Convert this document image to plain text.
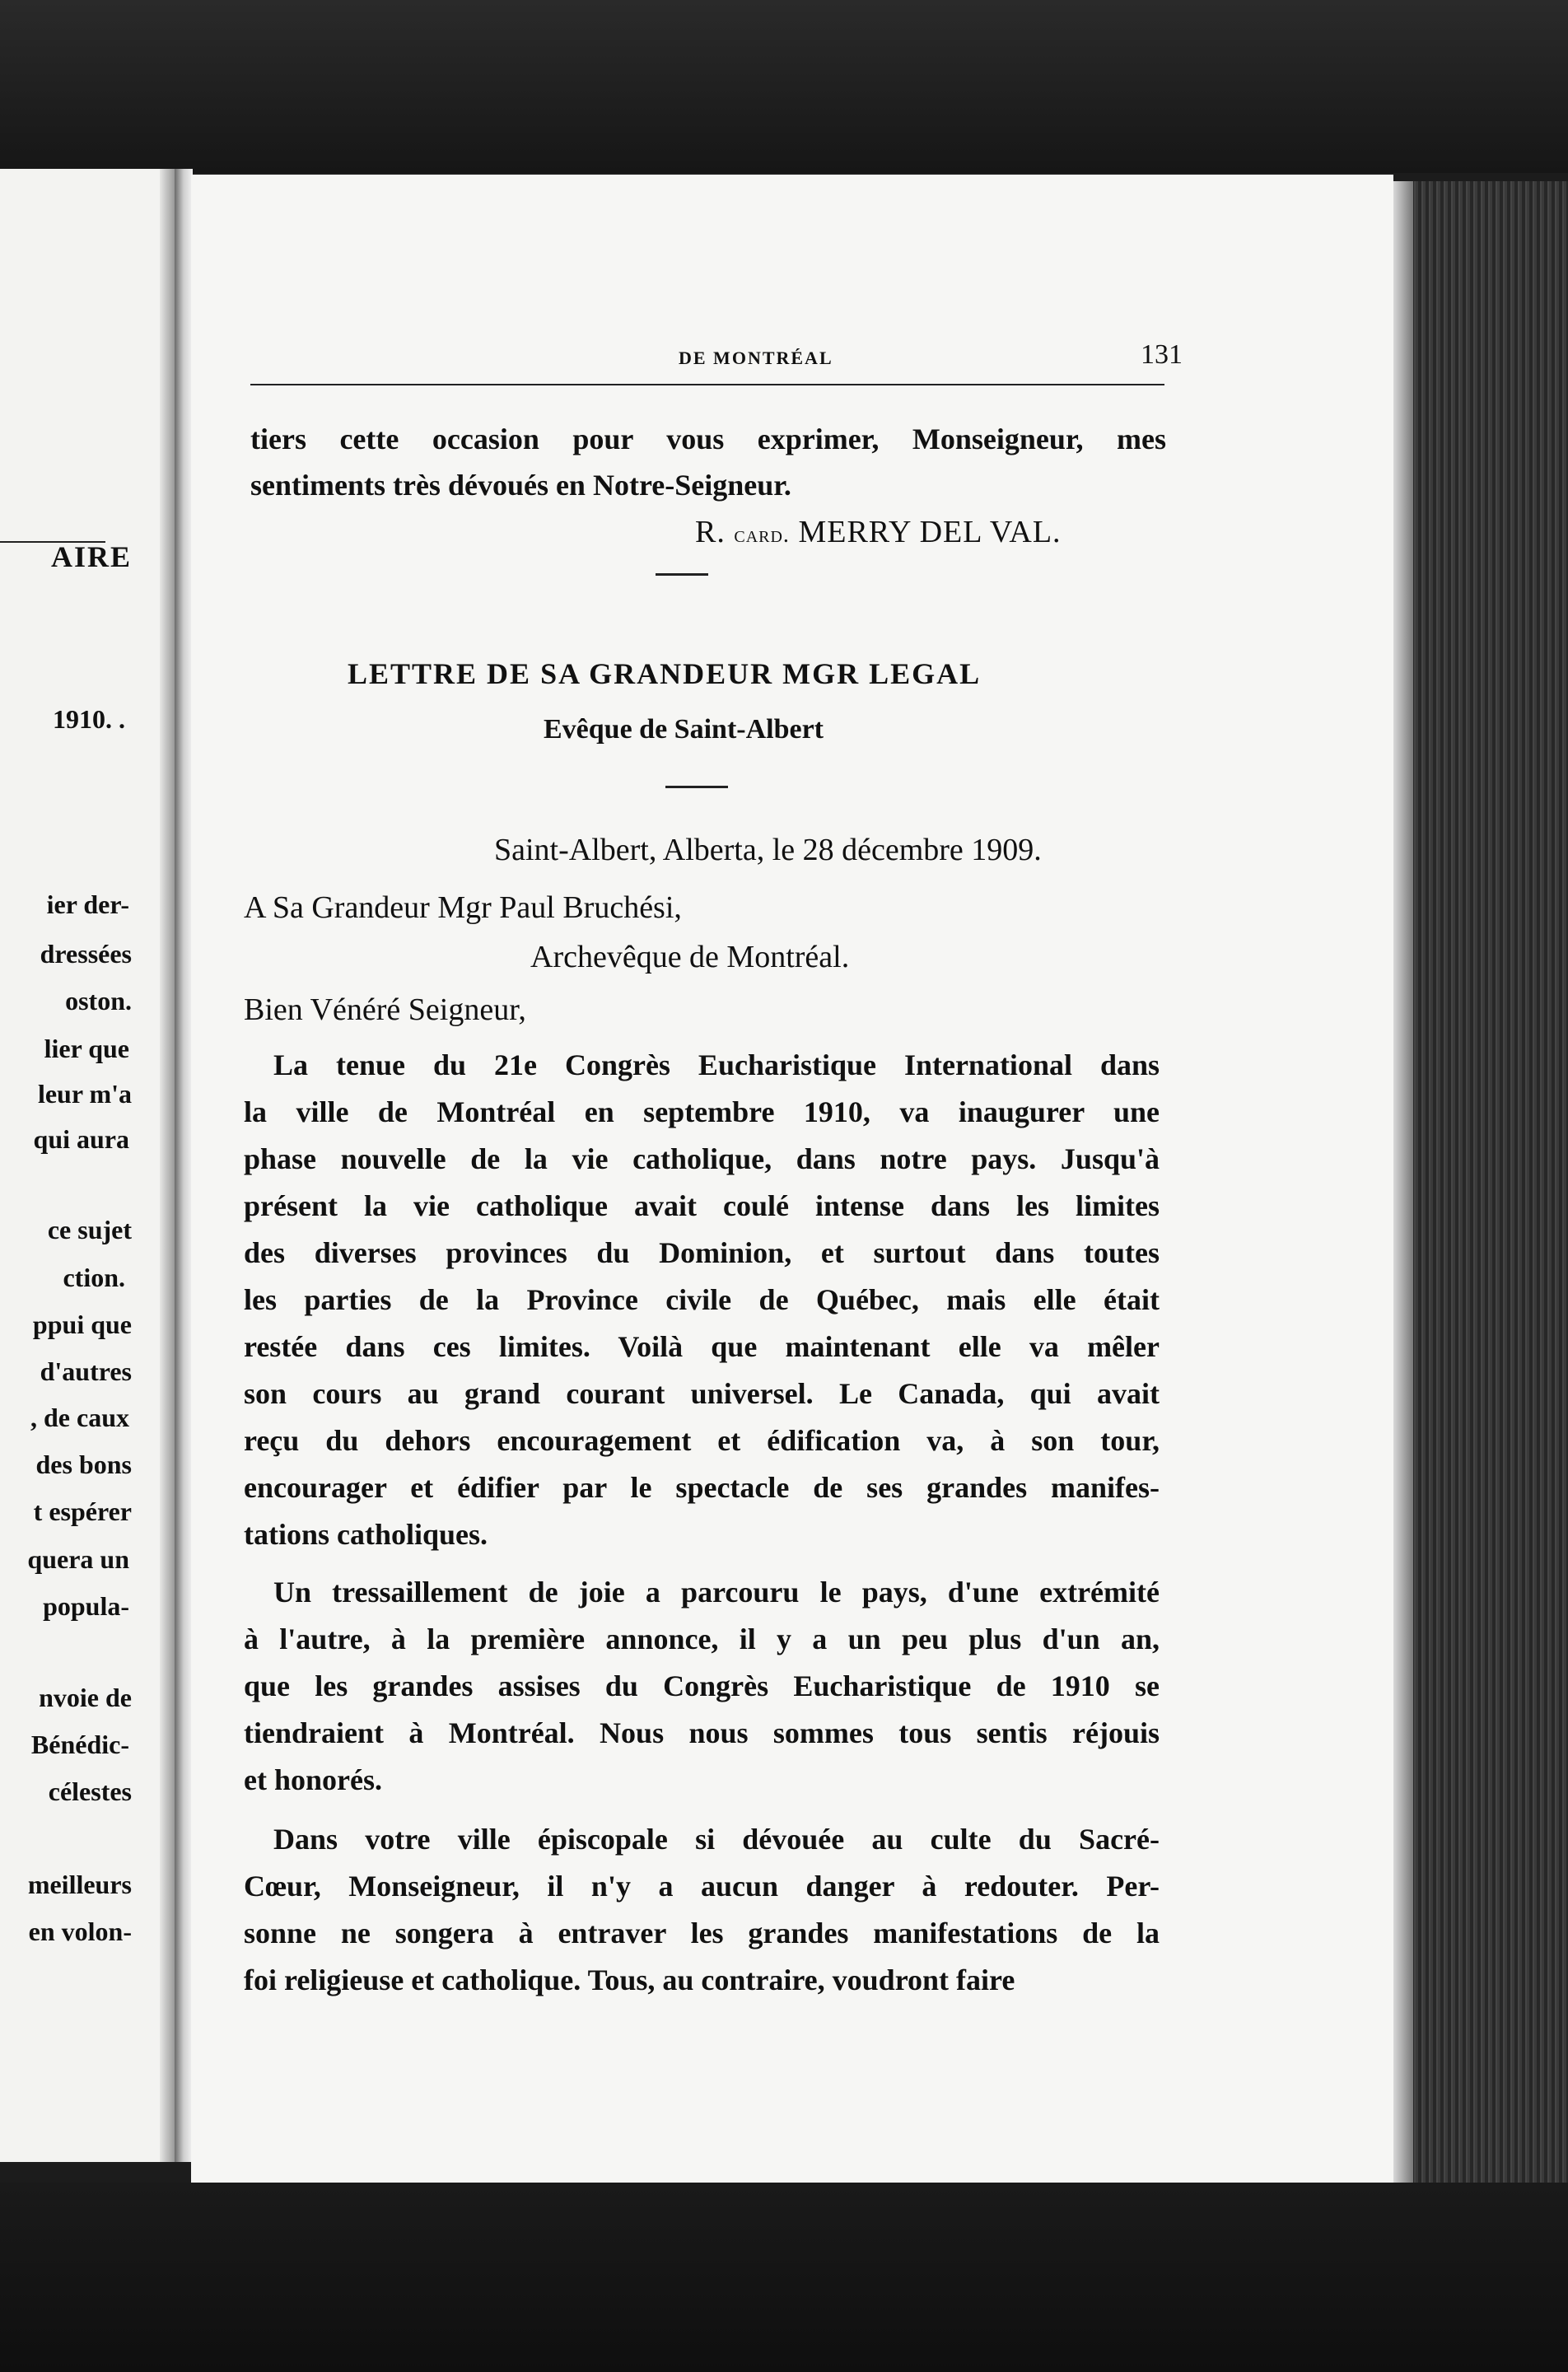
AIRE
1910. .
ier der-
dressées
oston.
lier que
leur m'a
qui aura
ce sujet
ction.
ppui que
d'autres
, de caux
des bons
t espérer
quera un
popula-
nvoie de
Bénédic-
célestes
meilleurs
en volon-
DE MONTRÉAL	131
tiers cette occasion pour vous exprimer, Monseigneur, mes
sentiments très dévoués en Notre-Seigneur.
R. card. MERRY DEL VAL.
LETTRE DE SA GRANDEUR MGR LEGAL
Evêque de Saint-Albert
Saint-Albert, Alberta, le 28 décembre 1909.
A Sa Grandeur Mgr Paul Bruchési,
Archevêque de Montréal.
Bien Vénéré Seigneur,
La tenue du 21e Congrès Eucharistique International dans
la ville de Montréal en septembre 1910, va inaugurer une
phase nouvelle de la vie catholique, dans notre pays. Jusqu'à
présent la vie catholique avait coulé intense dans les limites
des diverses provinces du Dominion, et surtout dans toutes
les parties de la Province civile de Québec, mais elle était
restée dans ces limites. Voilà que maintenant elle va mêler
son cours au grand courant universel. Le Canada, qui avait
reçu du dehors encouragement et édification va, à son tour,
encourager et édifier par le spectacle de ses grandes manifes-
tations catholiques.
Un tressaillement de joie a parcouru le pays, d'une extrémité
à l'autre, à la première annonce, il y a un peu plus d'un an,
que les grandes assises du Congrès Eucharistique de 1910 se
tiendraient à Montréal. Nous nous sommes tous sentis réjouis
et honorés.
Dans votre ville épiscopale si dévouée au culte du Sacré-
Cœur, Monseigneur, il n'y a aucun danger à redouter. Per-
sonne ne songera à entraver les grandes manifestations de la
foi religieuse et catholique. Tous, au contraire, voudront faire
